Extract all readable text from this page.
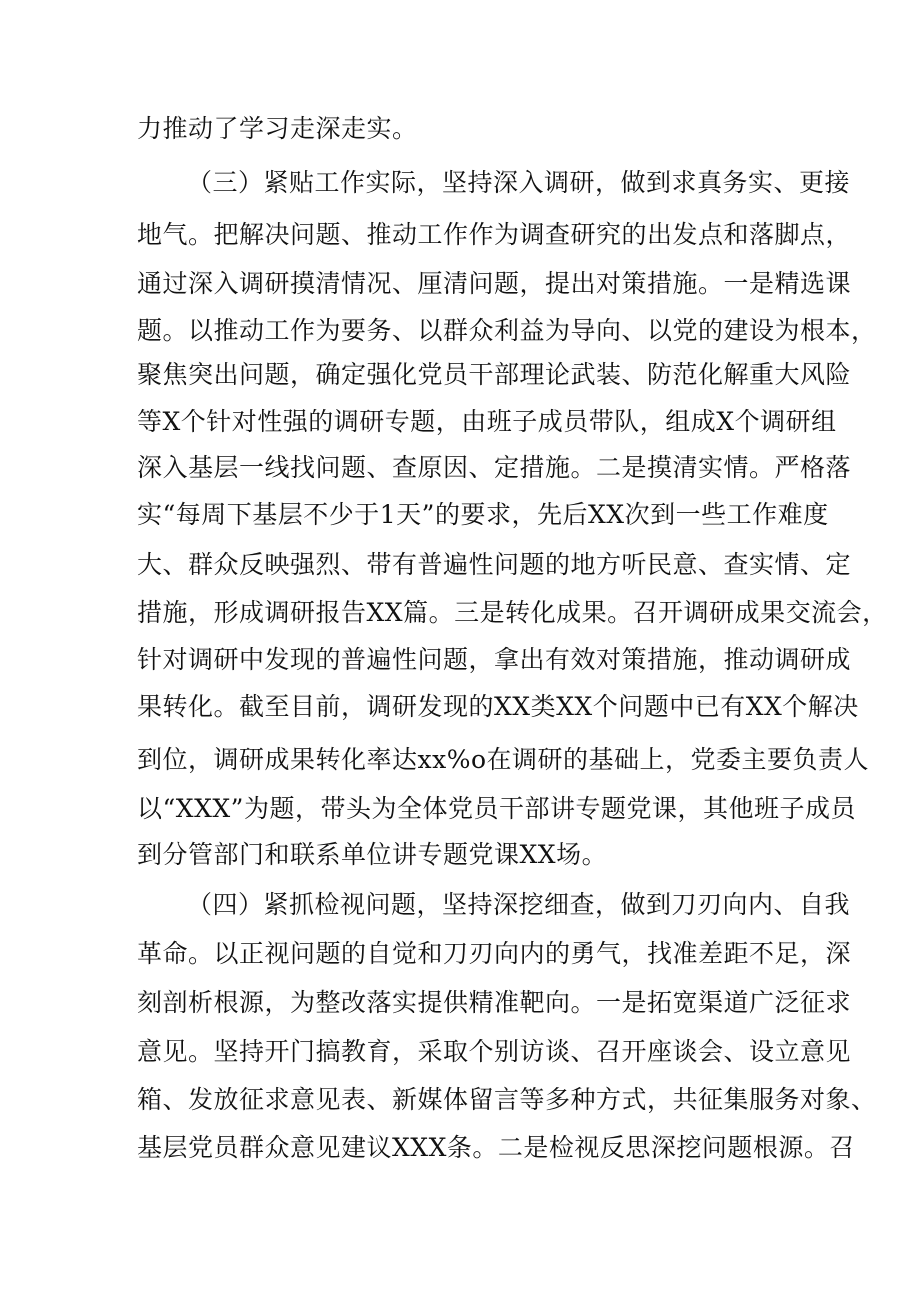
力推动了学习走深走实。
（三）紧贴工作实际，坚持深入调研，做到求真务实、更接
地气。把解决问题、推动工作作为调查研究的出发点和落脚点，
通过深入调研摸清情况、厘清问题，提出对策措施。一是精选课
题。以推动工作为要务、以群众利益为导向、以党的建设为根本，
聚焦突出问题，确定强化党员干部理论武装、防范化解重大风险
等X个针对性强的调研专题，由班子成员带队，组成X个调研组
深入基层一线找问题、查原因、定措施。二是摸清实情。严格落
实“每周下基层不少于1天”的要求，先后XX次到一些工作难度
大、群众反映强烈、带有普遍性问题的地方听民意、查实情、定
措施，形成调研报告XX篇。三是转化成果。召开调研成果交流会，
针对调研中发现的普遍性问题，拿出有效对策措施，推动调研成
果转化。截至目前，调研发现的XX类XX个问题中已有XX个解决
到位，调研成果转化率达xx%o在调研的基础上，党委主要负责人
以“XXX”为题，带头为全体党员干部讲专题党课，其他班子成员
到分管部门和联系单位讲专题党课XX场。
（四）紧抓检视问题，坚持深挖细查，做到刀刃向内、自我
革命。以正视问题的自觉和刀刃向内的勇气，找准差距不足，深
刻剖析根源，为整改落实提供精准靶向。一是拓宽渠道广泛征求
意见。坚持开门搞教育，采取个别访谈、召开座谈会、设立意见
箱、发放征求意见表、新媒体留言等多种方式，共征集服务对象、
基层党员群众意见建议XXX条。二是检视反思深挖问题根源。召
